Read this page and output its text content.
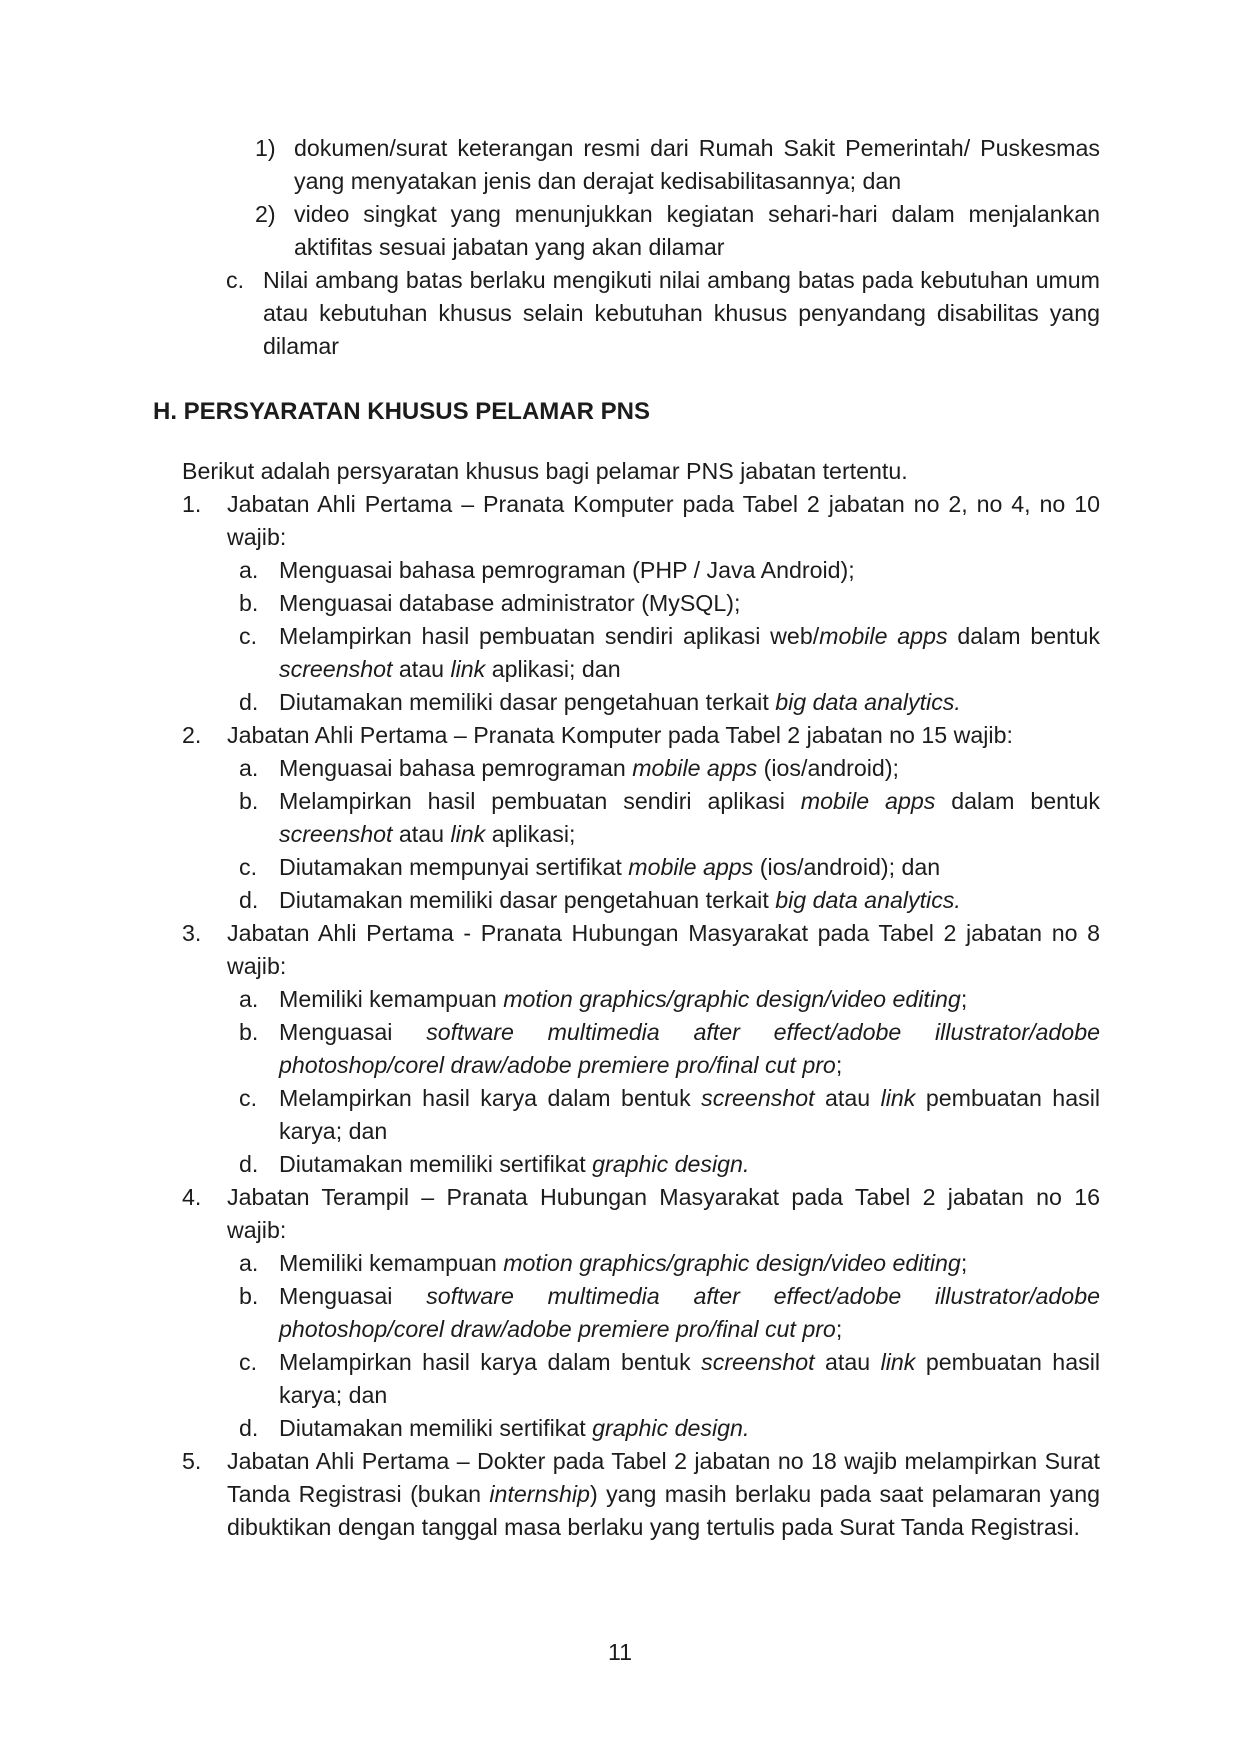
1) dokumen/surat keterangan resmi dari Rumah Sakit Pemerintah/ Puskesmas yang menyatakan jenis dan derajat kedisabilitasannya; dan
2) video singkat yang menunjukkan kegiatan sehari-hari dalam menjalankan aktifitas sesuai jabatan yang akan dilamar
c. Nilai ambang batas berlaku mengikuti nilai ambang batas pada kebutuhan umum atau kebutuhan khusus selain kebutuhan khusus penyandang disabilitas yang dilamar
H. PERSYARATAN KHUSUS PELAMAR PNS
Berikut adalah persyaratan khusus bagi pelamar PNS jabatan tertentu.
1. Jabatan Ahli Pertama – Pranata Komputer pada Tabel 2 jabatan no 2, no 4, no 10 wajib:
a. Menguasai bahasa pemrograman (PHP / Java Android);
b. Menguasai database administrator (MySQL);
c. Melampirkan hasil pembuatan sendiri aplikasi web/mobile apps dalam bentuk screenshot atau link aplikasi; dan
d. Diutamakan memiliki dasar pengetahuan terkait big data analytics.
2. Jabatan Ahli Pertama – Pranata Komputer pada Tabel 2 jabatan no 15 wajib:
a. Menguasai bahasa pemrograman mobile apps (ios/android);
b. Melampirkan hasil pembuatan sendiri aplikasi mobile apps dalam bentuk screenshot atau link aplikasi;
c. Diutamakan mempunyai sertifikat mobile apps (ios/android); dan
d. Diutamakan memiliki dasar pengetahuan terkait big data analytics.
3. Jabatan Ahli Pertama - Pranata Hubungan Masyarakat pada Tabel 2 jabatan no 8 wajib:
a. Memiliki kemampuan motion graphics/graphic design/video editing;
b. Menguasai software multimedia after effect/adobe illustrator/adobe photoshop/corel draw/adobe premiere pro/final cut pro;
c. Melampirkan hasil karya dalam bentuk screenshot atau link pembuatan hasil karya; dan
d. Diutamakan memiliki sertifikat graphic design.
4. Jabatan Terampil – Pranata Hubungan Masyarakat pada Tabel 2 jabatan no 16 wajib:
a. Memiliki kemampuan motion graphics/graphic design/video editing;
b. Menguasai software multimedia after effect/adobe illustrator/adobe photoshop/corel draw/adobe premiere pro/final cut pro;
c. Melampirkan hasil karya dalam bentuk screenshot atau link pembuatan hasil karya; dan
d. Diutamakan memiliki sertifikat graphic design.
5. Jabatan Ahli Pertama – Dokter pada Tabel 2 jabatan no 18 wajib melampirkan Surat Tanda Registrasi (bukan internship) yang masih berlaku pada saat pelamaran yang dibuktikan dengan tanggal masa berlaku yang tertulis pada Surat Tanda Registrasi.
11
